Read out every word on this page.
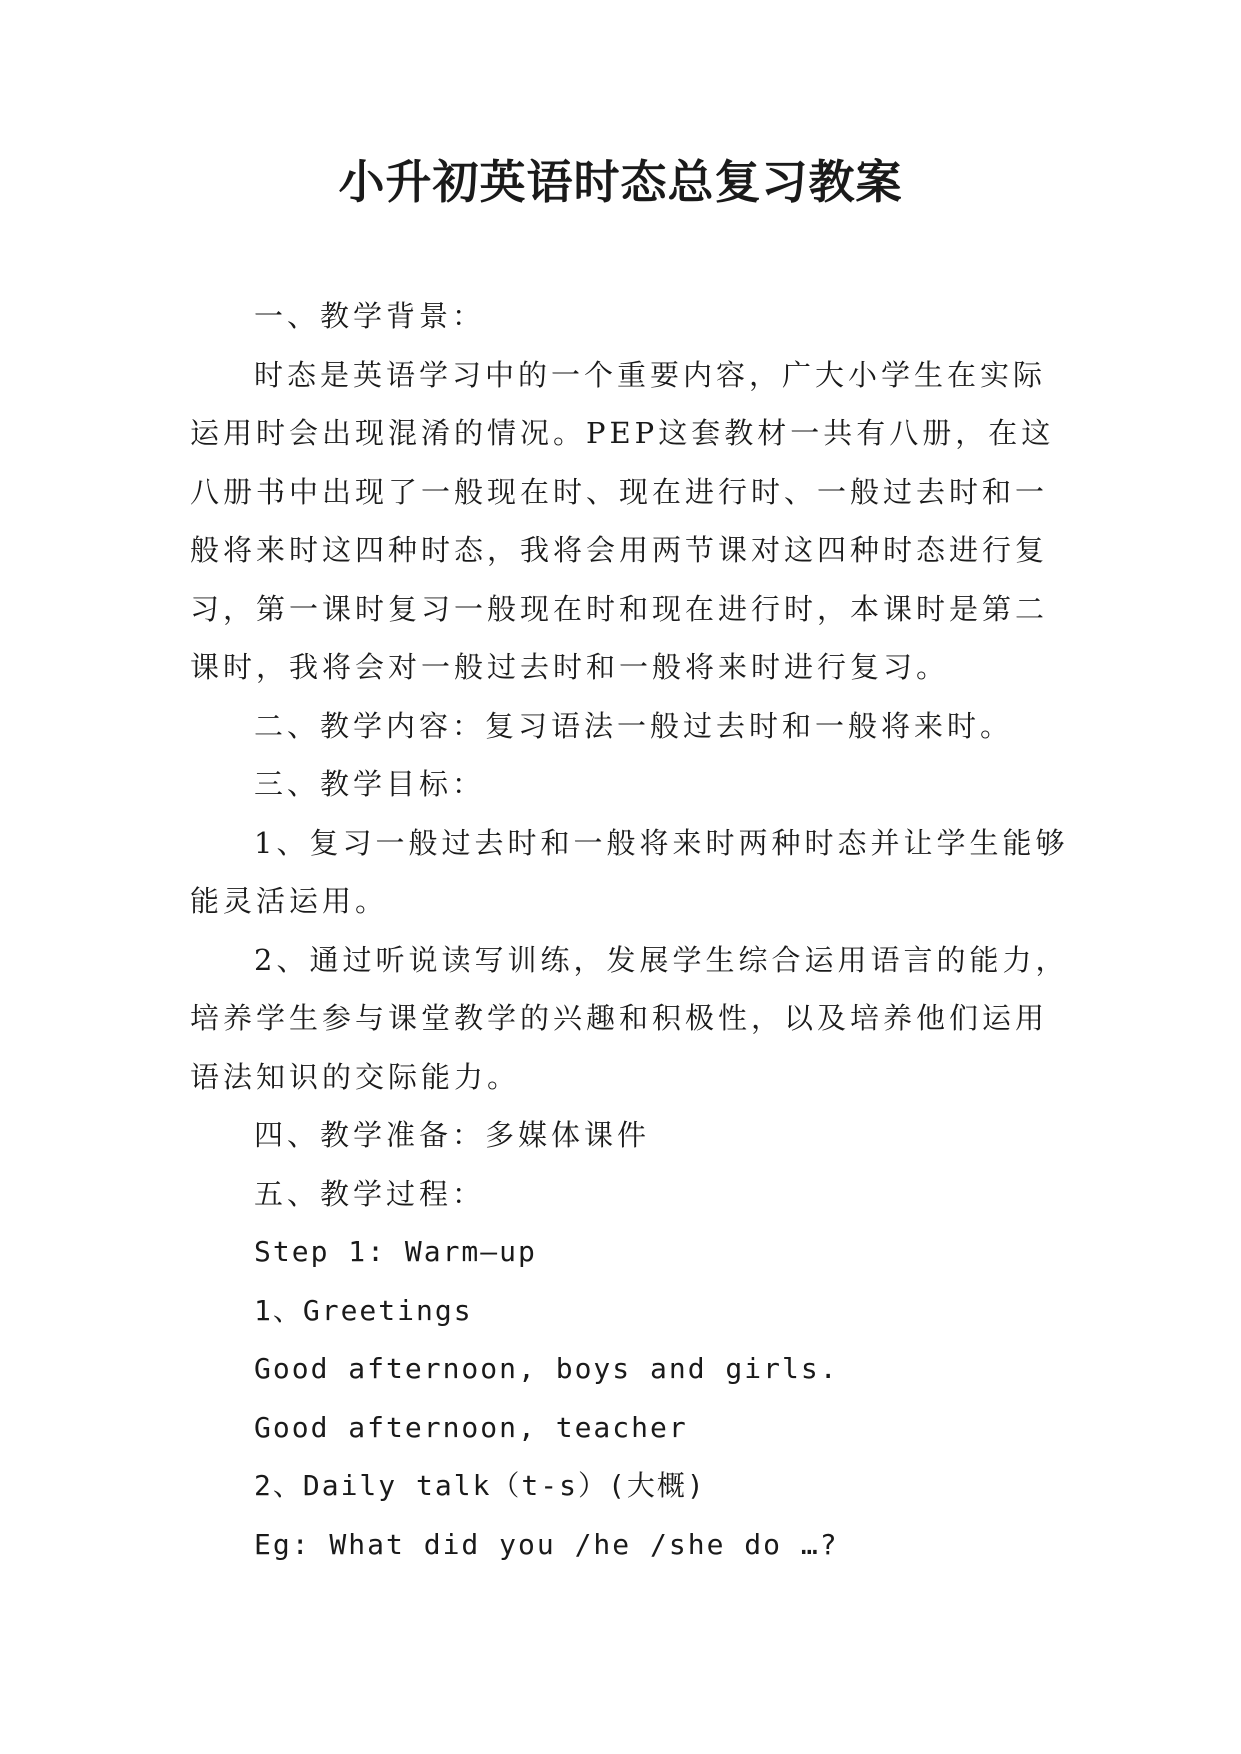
小升初英语时态总复习教案

一、教学背景：

时态是英语学习中的一个重要内容，广大小学生在实际运用时会出现混淆的情况。PEP这套教材一共有八册，在这八册书中出现了一般现在时、现在进行时、一般过去时和一般将来时这四种时态，我将会用两节课对这四种时态进行复习，第一课时复习一般现在时和现在进行时，本课时是第二课时，我将会对一般过去时和一般将来时进行复习。

二、教学内容：复习语法一般过去时和一般将来时。

三、教学目标：

1、复习一般过去时和一般将来时两种时态并让学生能够能灵活运用。

2、通过听说读写训练，发展学生综合运用语言的能力，培养学生参与课堂教学的兴趣和积极性，以及培养他们运用语法知识的交际能力。

四、教学准备：多媒体课件

五、教学过程：

Step 1: Warm—up

1、Greetings

Good afternoon, boys and girls.

Good afternoon, teacher

2、Daily talk（t-s）(大概)

Eg: What did you /he /she do …?
